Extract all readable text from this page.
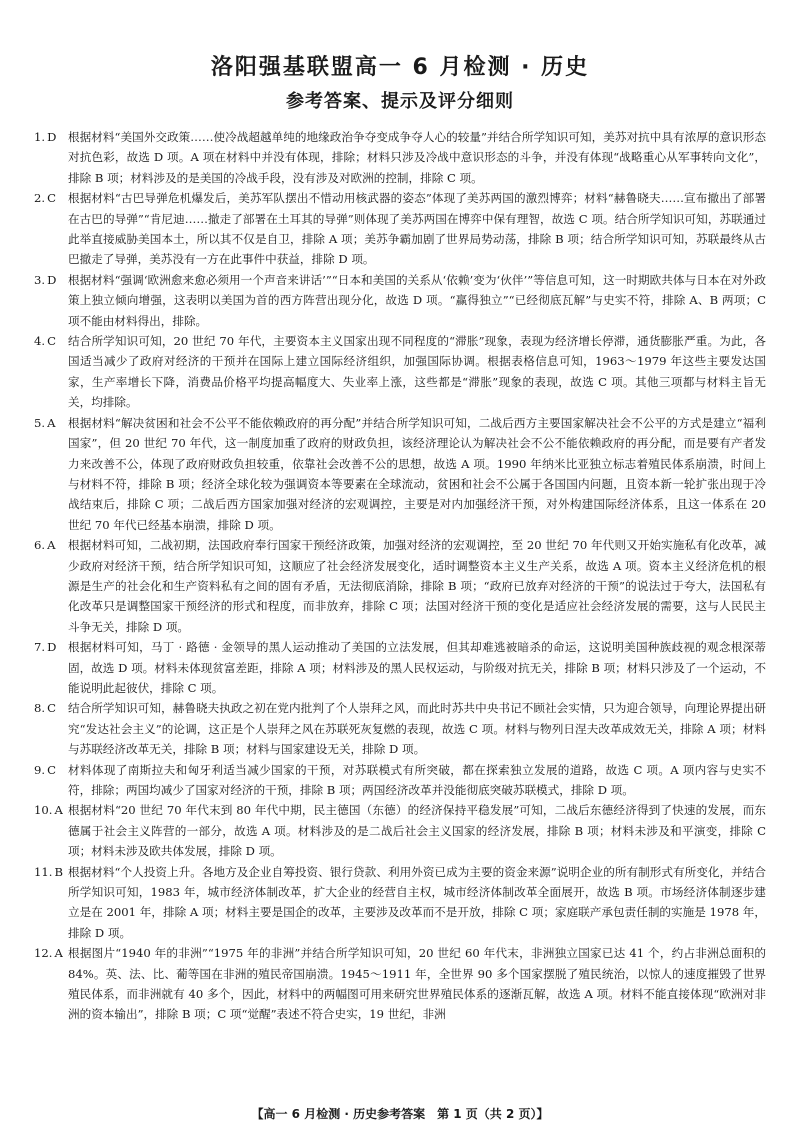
洛阳强基联盟高一 6 月检测 · 历史
参考答案、提示及评分细则
1. D	根据材料“美国外交政策……使冷战超越单纯的地缘政治争夺变成争夺人心的较量”并结合所学知识可知，美苏对抗中具有浓厚的意识形态对抗色彩，故选 D 项。A 项在材料中并没有体现，排除；材料只涉及冷战中意识形态的斗争，并没有体现“战略重心从军事转向文化”，排除 B 项；材料涉及的是美国的冷战手段，没有涉及对欧洲的控制，排除 C 项。
2. C	根据材料“古巴导弹危机爆发后，美苏军队摆出不惜动用核武器的姿态”体现了美苏两国的激烈博弈；材料“赫鲁晓夫……宣布撤出了部署在古巴的导弹”“肯尼迪……撤走了部署在土耳其的导弹”则体现了美苏两国在博弈中保有理智，故选 C 项。结合所学知识可知，苏联通过此举直接威胁美国本土，所以其不仅是自卫，排除 A 项；美苏争霸加剧了世界局势动荡，排除 B 项；结合所学知识可知，苏联最终从古巴撤走了导弹，美苏没有一方在此事件中获益，排除 D 项。
3. D	根据材料“强调‘欧洲愈来愈必须用一个声音来讲话’”“日本和美国的关系从‘依赖’变为‘伙伴’”等信息可知，这一时期欧共体与日本在对外政策上独立倾向增强，这表明以美国为首的西方阵营出现分化，故选 D 项。“赢得独立”“已经彻底瓦解”与史实不符，排除 A、B 两项；C 项不能由材料得出，排除。
4. C	结合所学知识可知，20 世纪 70 年代，主要资本主义国家出现不同程度的“滞胀”现象，表现为经济增长停滞，通货膨胀严重。为此，各国适当减少了政府对经济的干预并在国际上建立国际经济组织，加强国际协调。根据表格信息可知，1963～1979 年这些主要发达国家，生产率增长下降，消费品价格平均提高幅度大、失业率上涨，这些都是“滞胀”现象的表现，故选 C 项。其他三项都与材料主旨无关，均排除。
5. A	根据材料“解决贫困和社会不公平不能依赖政府的再分配”并结合所学知识可知，二战后西方主要国家解决社会不公平的方式是建立“福利国家”，但 20 世纪 70 年代，这一制度加重了政府的财政负担，该经济理论认为解决社会不公不能依赖政府的再分配，而是要有产者发力来改善不公，体现了政府财政负担较重，依靠社会改善不公的思想，故选 A 项。1990 年纳米比亚独立标志着殖民体系崩溃，时间上与材料不符，排除 B 项；经济全球化较为强调资本等要素在全球流动，贫困和社会不公属于各国国内问题，且资本新一轮扩张出现于冷战结束后，排除 C 项；二战后西方国家加强对经济的宏观调控，主要是对内加强经济干预，对外构建国际经济体系，且这一体系在 20 世纪 70 年代已经基本崩溃，排除 D 项。
6. A	根据材料可知，二战初期，法国政府奉行国家干预经济政策，加强对经济的宏观调控，至 20 世纪 70 年代则又开始实施私有化改革，减少政府对经济干预，结合所学知识可知，这顺应了社会经济发展变化，适时调整资本主义生产关系，故选 A 项。资本主义经济危机的根源是生产的社会化和生产资料私有之间的固有矛盾，无法彻底消除，排除 B 项；“政府已放弃对经济的干预”的说法过于夸大，法国私有化改革只是调整国家干预经济的形式和程度，而非放弃，排除 C 项；法国对经济干预的变化是适应社会经济发展的需要，这与人民民主斗争无关，排除 D 项。
7. D	根据材料可知，马丁 · 路德 · 金领导的黑人运动推动了美国的立法发展，但其却难逃被暗杀的命运，这说明美国种族歧视的观念根深蒂固，故选 D 项。材料未体现贫富差距，排除 A 项；材料涉及的黑人民权运动，与阶级对抗无关，排除 B 项；材料只涉及了一个运动，不能说明此起彼伏，排除 C 项。
8. C	结合所学知识可知，赫鲁晓夫执政之初在党内批判了个人崇拜之风，而此时苏共中央书记不顾社会实情，只为迎合领导，向理论界提出研究“发达社会主义”的论调，这正是个人崇拜之风在苏联死灰复燃的表现，故选 C 项。材料与物列日涅夫改革成效无关，排除 A 项；材料与苏联经济改革无关，排除 B 项；材料与国家建设无关，排除 D 项。
9. C	材料体现了南斯拉夫和匈牙利适当减少国家的干预，对苏联模式有所突破，都在探索独立发展的道路，故选 C 项。A 项内容与史实不符，排除；两国均减少了国家对经济的干预，排除 B 项；两国经济改革并没能彻底突破苏联模式，排除 D 项。
10. A 根据材料“20 世纪 70 年代末到 80 年代中期，民主德国（东德）的经济保持平稳发展”可知，二战后东德经济得到了快速的发展，而东德属于社会主义阵营的一部分，故选 A 项。材料涉及的是二战后社会主义国家的经济发展，排除 B 项；材料未涉及和平演变，排除 C 项；材料未涉及欧共体发展，排除 D 项。
11. B 根据材料“个人投资上升。各地方及企业自筹投资、银行贷款、利用外资已成为主要的资金来源”说明企业的所有制形式有所变化，并结合所学知识可知，1983 年，城市经济体制改革，扩大企业的经营自主权，城市经济体制改革全面展开，故选 B 项。市场经济体制逐步建立是在 2001 年，排除 A 项；材料主要是国企的改革，主要涉及改革而不是开放，排除 C 项；家庭联产承包责任制的实施是 1978 年，排除 D 项。
12. A 根据图片“1940 年的非洲”“1975 年的非洲”并结合所学知识可知，20 世纪 60 年代末，非洲独立国家已达 41 个，约占非洲总面积的 84%。英、法、比、葡等国在非洲的殖民帝国崩溃。1945～1911 年，全世界 90 多个国家摆脱了殖民统治，以惊人的速度摧毁了世界殖民体系，而非洲就有 40 多个，因此，材料中的两幅图可用来研究世界殖民体系的逐渐瓦解，故选 A 项。材料不能直接体现“欧洲对非洲的资本输出”，排除 B 项；C 项“觉醒”表述不符合史实，19 世纪，非洲
【高一 6 月检测 · 历史参考答案　第 1 页（共 2 页）】
